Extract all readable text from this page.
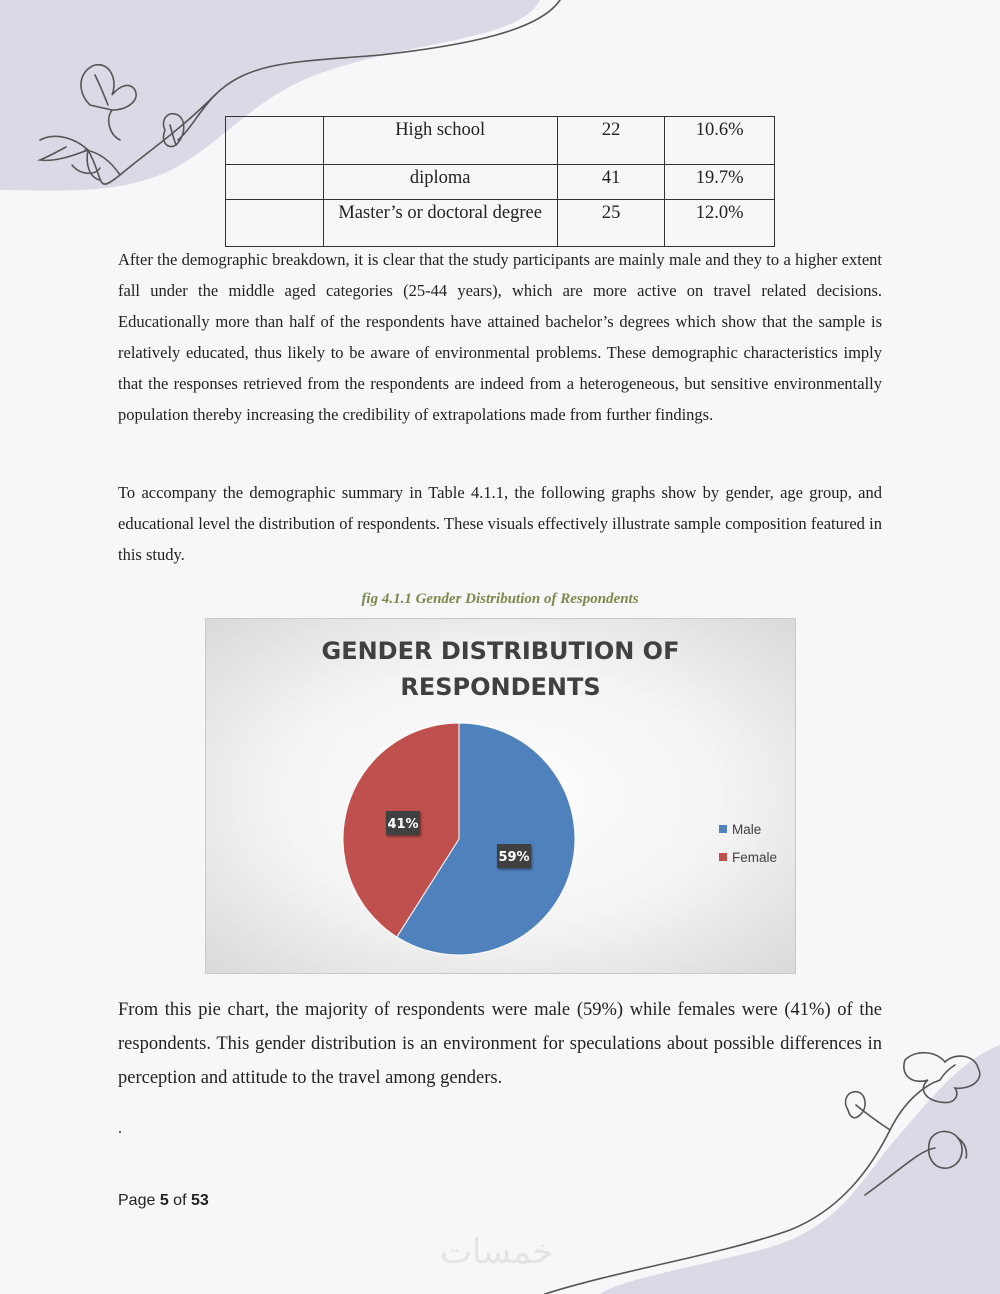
	High school	22	10.6%
	diploma	41	19.7%
	Master’s or doctoral degree	25	12.0%

After the demographic breakdown, it is clear that the study participants are mainly male and they to a higher extent fall under the middle aged categories (25-44 years), which are more active on travel related decisions. Educationally more than half of the respondents have attained bachelor’s degrees which show that the sample is relatively educated, thus likely to be aware of environmental problems. These demographic characteristics imply that the responses retrieved from the respondents are indeed from a heterogeneous, but sensitive environmentally population thereby increasing the credibility of extrapolations made from further findings.

To accompany the demographic summary in Table 4.1.1, the following graphs show by gender, age group, and educational level the distribution of respondents. These visuals effectively illustrate sample composition featured in this study.

fig 4.1.1 Gender Distribution of Respondents
GENDER DISTRIBUTION OF
RESPONDENTS
59%
41%	Male
Female

From this pie chart, the majority of respondents were male (59%) while females were (41%) of the respondents. This gender distribution is an environment for speculations about possible differences in perception and attitude to the travel among genders.

.
Page 5 of 53
خمسات
